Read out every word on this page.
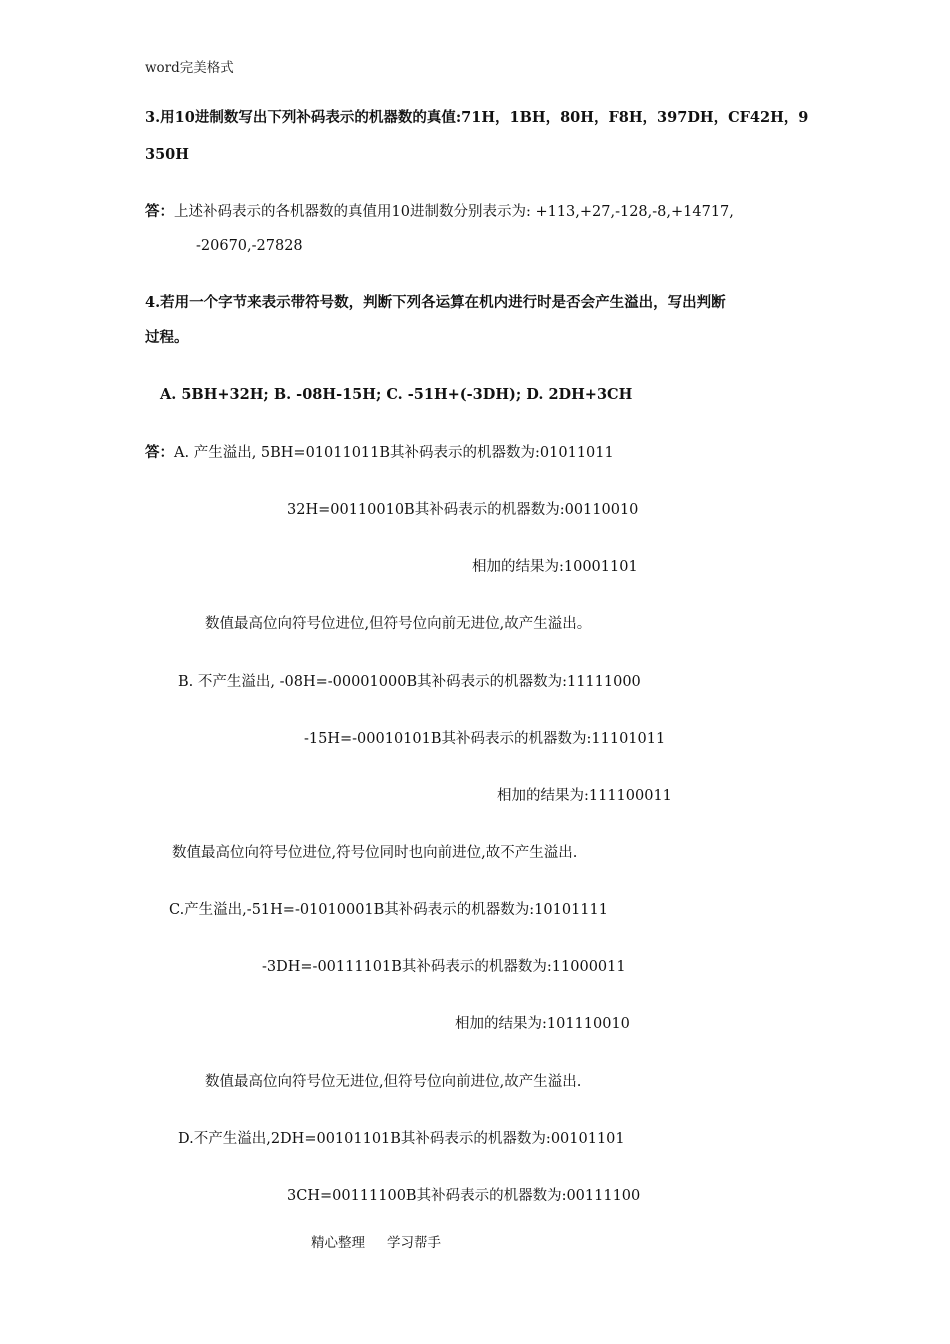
word完美格式
3.用10进制数写出下列补码表示的机器数的真值:71H，1BH，80H，F8H，397DH，CF42H，9
350H
答：上述补码表示的各机器数的真值用10进制数分别表示为: +113,+27,-128,-8,+14717,
-20670,-27828
4.若用一个字节来表示带符号数，判断下列各运算在机内进行时是否会产生溢出，写出判断
过程。
A. 5BH+32H; B. -08H-15H; C. -51H+(-3DH); D. 2DH+3CH
答：A. 产生溢出, 5BH=01011011B其补码表示的机器数为:01011011
32H=00110010B其补码表示的机器数为:00110010
相加的结果为:10001101
数值最高位向符号位进位,但符号位向前无进位,故产生溢出。
B. 不产生溢出, -08H=-00001000B其补码表示的机器数为:11111000
-15H=-00010101B其补码表示的机器数为:11101011
相加的结果为:111100011
数值最高位向符号位进位,符号位同时也向前进位,故不产生溢出.
C.产生溢出,-51H=-01010001B其补码表示的机器数为:10101111
-3DH=-00111101B其补码表示的机器数为:11000011
相加的结果为:101110010
数值最高位向符号位无进位,但符号位向前进位,故产生溢出.
D.不产生溢出,2DH=00101101B其补码表示的机器数为:00101101
3CH=00111100B其补码表示的机器数为:00111100
精心整理 学习帮手
